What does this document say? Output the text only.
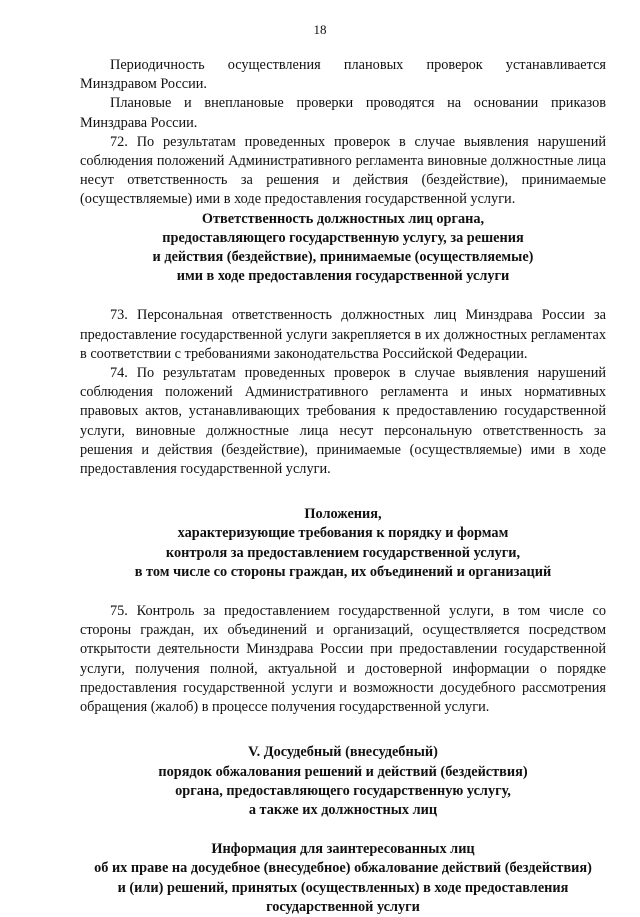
18

Периодичность осуществления плановых проверок устанавливается Минздравом России.

Плановые и внеплановые проверки проводятся на основании приказов Минздрава России.

72. По результатам проведенных проверок в случае выявления нарушений соблюдения положений Административного регламента виновные должностные лица несут ответственность за решения и действия (бездействие), принимаемые (осуществляемые) ими в ходе предоставления государственной услуги.

Ответственность должностных лиц органа,
предоставляющего государственную услугу, за решения
и действия (бездействие), принимаемые (осуществляемые)
ими в ходе предоставления государственной услуги

73. Персональная ответственность должностных лиц Минздрава России за предоставление государственной услуги закрепляется в их должностных регламентах в соответствии с требованиями законодательства Российской Федерации.

74. По результатам проведенных проверок в случае выявления нарушений соблюдения положений Административного регламента и иных нормативных правовых актов, устанавливающих требования к предоставлению государственной услуги, виновные должностные лица несут персональную ответственность за решения и действия (бездействие), принимаемые (осуществляемые) ими в ходе предоставления государственной услуги.

Положения,
характеризующие требования к порядку и формам
контроля за предоставлением государственной услуги,
в том числе со стороны граждан, их объединений и организаций

75. Контроль за предоставлением государственной услуги, в том числе со стороны граждан, их объединений и организаций, осуществляется посредством открытости деятельности Минздрава России при предоставлении государственной услуги, получения полной, актуальной и достоверной информации о порядке предоставления государственной услуги и возможности досудебного рассмотрения обращения (жалоб) в процессе получения государственной услуги.

V. Досудебный (внесудебный)
порядок обжалования решений и действий (бездействия)
органа, предоставляющего государственную услугу,
а также их должностных лиц
Информация для заинтересованных лиц
об их праве на досудебное (внесудебное) обжалование действий (бездействия)
и (или) решений, принятых (осуществленных) в ходе предоставления
государственной услуги
